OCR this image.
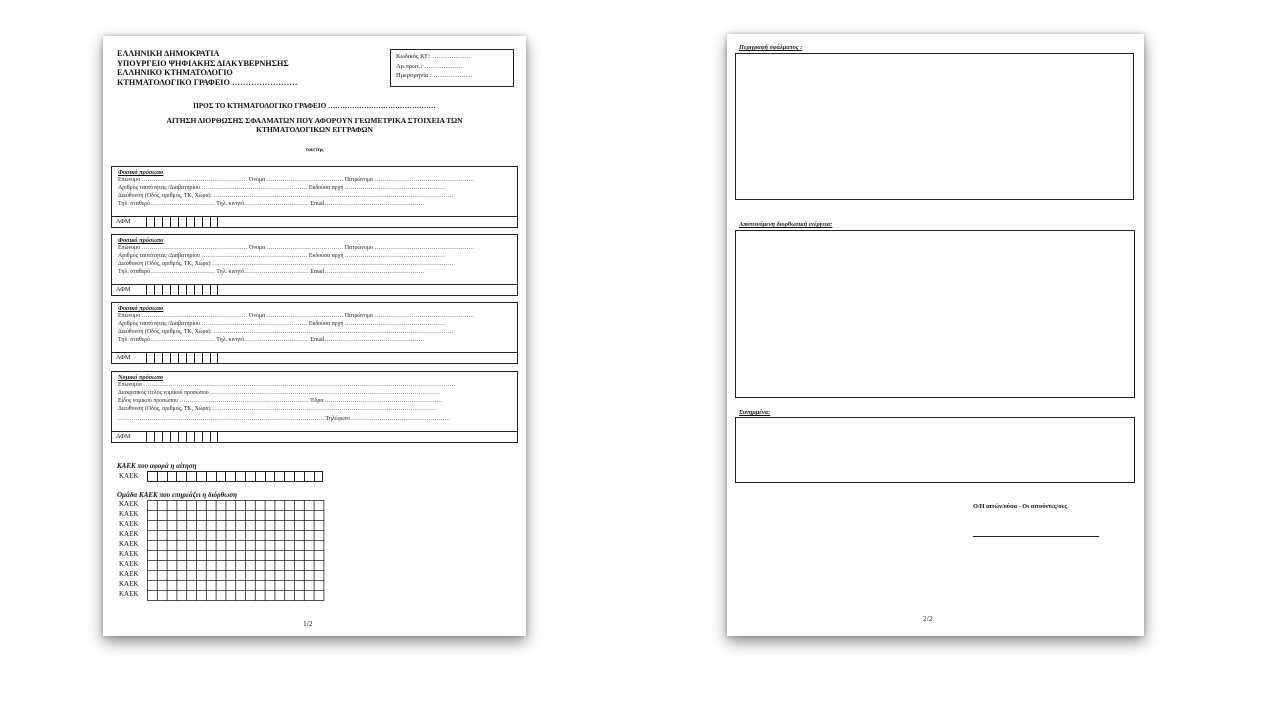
ΕΛΛΗΝΙΚΗ ΔΗΜΟΚΡΑΤΙΑ
ΥΠΟΥΡΓΕΙΟ ΨΗΦΙΑΚΗΣ ΔΙΑΚΥΒΕΡΝΗΣΗΣ
ΕΛΛΗΝΙΚΟ ΚΤΗΜΑΤΟΛΟΓΙΟ
ΚΤΗΜΑΤΟΛΟΓΙΚΟ ΓΡΑΦΕΙΟ ……………………
Κωδικός ΚΓ: ………………
Αρ.πρωτ.: ………………
Ημερομηνία : ………………
ΠΡΟΣ ΤΟ ΚΤΗΜΑΤΟΛΟΓΙΚΟ ΓΡΑΦΕΙΟ ………………………………………
ΑΙΤΗΣΗ ΔΙΟΡΘΩΣΗΣ ΣΦΑΛΜΑΤΩΝ ΠΟΥ ΑΦΟΡΟΥΝ ΓΕΩΜΕΤΡΙΚΑ ΣΤΟΙΧΕΙΑ ΤΩΝ ΚΤΗΜΑΤΟΛΟΓΙΚΩΝ ΕΓΓΡΑΦΩΝ
του/της
Φυσικό πρόσωπο
Επώνυμο ……………………………………………… Όνομα ………………………………… Πατρώνυμο ……………………………………………
Αριθμός ταυτότητας /Διαβατηρίου ……………………………………………… Εκδούσα αρχή ……………………………………………
Διεύθυνση (Οδός, αριθμός, ΤΚ, Χώρα) ……………………………………………………………………………………………………………
Τηλ. σταθερό…………………………… Τηλ. κινητό…………………………… Email……………………………………………
ΑΦΜ
Φυσικό πρόσωπο
Επώνυμο ……………………………………………… Όνομα ………………………………… Πατρώνυμο ……………………………………………
Αριθμός ταυτότητας /Διαβατηρίου ……………………………………………… Εκδούσα αρχή ……………………………………………
Διεύθυνση (Οδός, αριθμός, ΤΚ, Χώρα) ……………………………………………………………………………………………………………
Τηλ. σταθερό…………………………… Τηλ. κινητό…………………………… Email……………………………………………
ΑΦΜ
Φυσικό πρόσωπο
Επώνυμο ……………………………………………… Όνομα ………………………………… Πατρώνυμο ……………………………………………
Αριθμός ταυτότητας /Διαβατηρίου ……………………………………………… Εκδούσα αρχή ……………………………………………
Διεύθυνση (Οδός, αριθμός, ΤΚ, Χώρα) ……………………………………………………………………………………………………………
Τηλ. σταθερό…………………………… Τηλ. κινητό…………………………… Email……………………………………………
ΑΦΜ
Νομικό πρόσωπο
Επωνυμία ……………………………………………………………………………………………………………………………………………
Διακριτικός τίτλος νομικού προσώπου ………………………………………………………………………………………………………
Είδος νομικού προσώπου ………………………………………………………… Έδρα ……………………………………………………
Διεύθυνση (Οδός, αριθμός, ΤΚ, Χώρα) ……………………………………………………………………………………………………
…………………………………………………………………………………………… Τηλέφωνο……………………………………………
ΑΦΜ
ΚΑΕΚ που αφορά η αίτηση
ΚΑΕΚ
Ομάδα ΚΑΕΚ που επηρεάζει η διόρθωση
ΚΑΕΚ
ΚΑΕΚ
ΚΑΕΚ
ΚΑΕΚ
ΚΑΕΚ
ΚΑΕΚ
ΚΑΕΚ
ΚΑΕΚ
ΚΑΕΚ
ΚΑΕΚ
1/2
Περιγραφή σφάλματος :
Αποτεινόμενη διορθωτική ενέργεια:
Συνημμένα:
Ο/Η αιτών/ούσα - Οι αιτούντες/σες
2/2
